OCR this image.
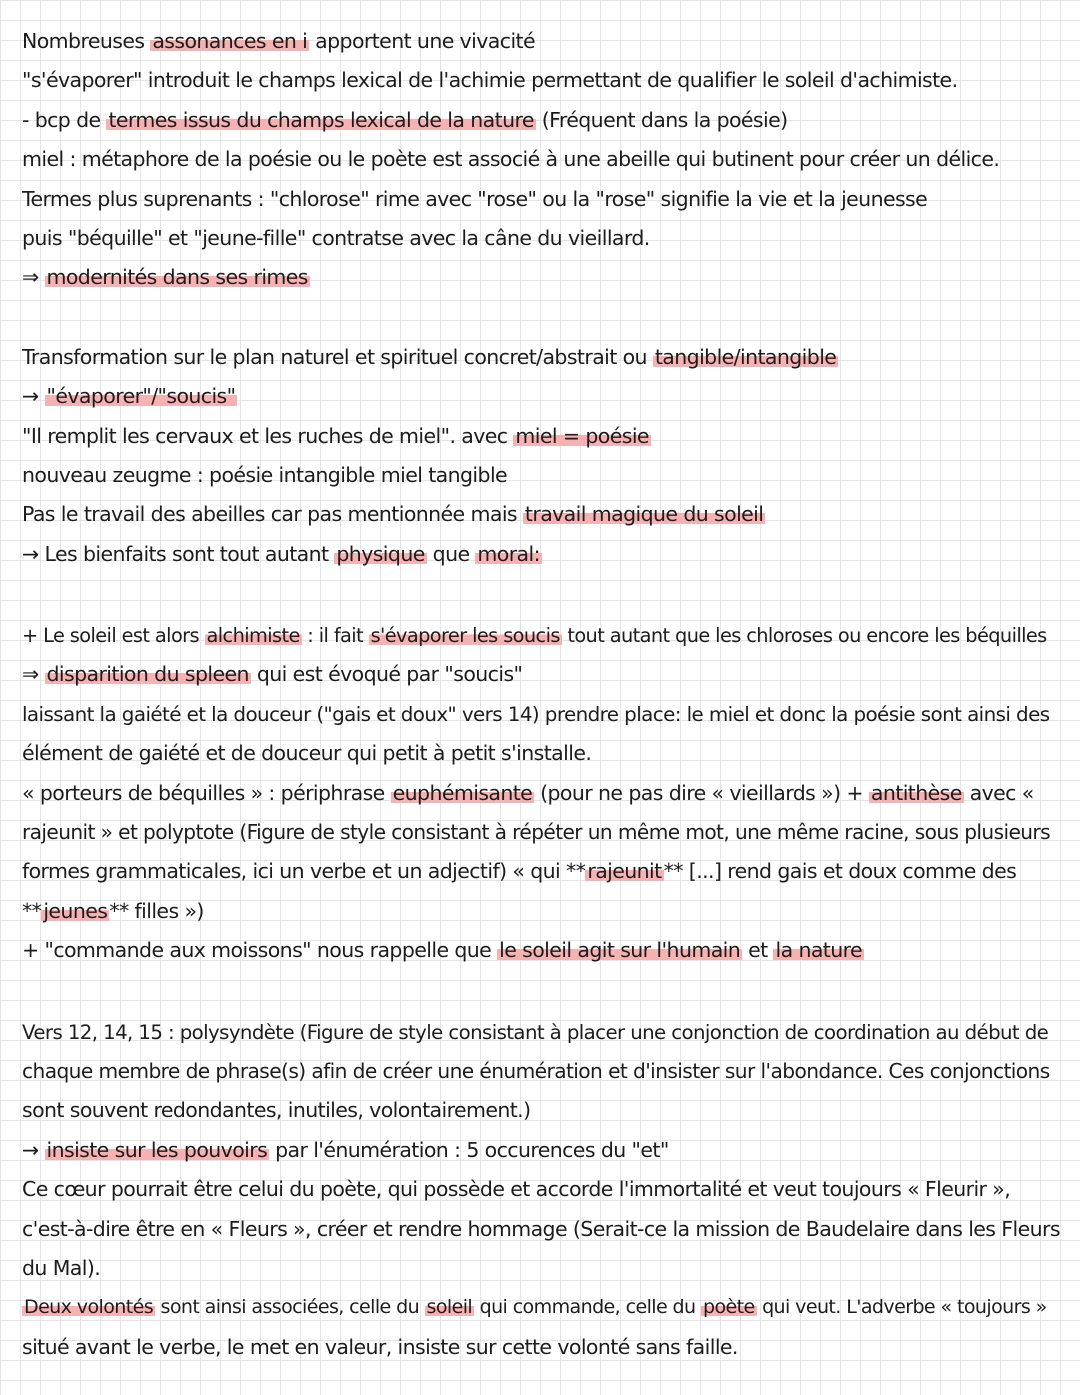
Nombreuses assonances en i apportent une vivacité
"s'évaporer" introduit le champs lexical de l'achimie permettant de qualifier le soleil d'achimiste.
- bcp de termes issus du champs lexical de la nature (Fréquent dans la poésie)
miel : métaphore de la poésie ou le poète est associé à une abeille qui butinent pour créer un délice.
Termes plus suprenants : "chlorose" rime avec "rose" ou la "rose" signifie la vie et la jeunesse
puis "béquille" et "jeune-fille" contratse avec la câne du vieillard.
⇒ modernités dans ses rimes
Transformation sur le plan naturel et spirituel concret/abstrait ou tangible/intangible
→ "évaporer"/"soucis"
"Il remplit les cervaux et les ruches de miel". avec miel = poésie
nouveau zeugme : poésie intangible miel tangible
Pas le travail des abeilles car pas mentionnée mais travail magique du soleil
→ Les bienfaits sont tout autant physique que moral:
+ Le soleil est alors alchimiste : il fait s'évaporer les soucis tout autant que les chloroses ou encore les béquilles
⇒ disparition du spleen qui est évoqué par "soucis"
laissant la gaiété et la douceur ("gais et doux" vers 14) prendre place: le miel et donc la poésie sont ainsi des
élément de gaiété et de douceur qui petit à petit s'installe.
« porteurs de béquilles » : périphrase euphémisante (pour ne pas dire « vieillards ») + antithèse avec «
rajeunit » et polyptote (Figure de style consistant à répéter un même mot, une même racine, sous plusieurs
formes grammaticales, ici un verbe et un adjectif) « qui **rajeunit** [...] rend gais et doux comme des
**jeunes** filles »)
+ "commande aux moissons" nous rappelle que le soleil agit sur l'humain et la nature
Vers 12, 14, 15 : polysyndète (Figure de style consistant à placer une conjonction de coordination au début de
chaque membre de phrase(s) afin de créer une énumération et d'insister sur l'abondance. Ces conjonctions
sont souvent redondantes, inutiles, volontairement.)
→ insiste sur les pouvoirs par l'énumération : 5 occurences du "et"
Ce cœur pourrait être celui du poète, qui possède et accorde l'immortalité et veut toujours « Fleurir »,
c'est-à-dire être en « Fleurs », créer et rendre hommage (Serait-ce la mission de Baudelaire dans les Fleurs
du Mal).
Deux volontés sont ainsi associées, celle du soleil qui commande, celle du poète qui veut. L'adverbe « toujours »
situé avant le verbe, le met en valeur, insiste sur cette volonté sans faille.
